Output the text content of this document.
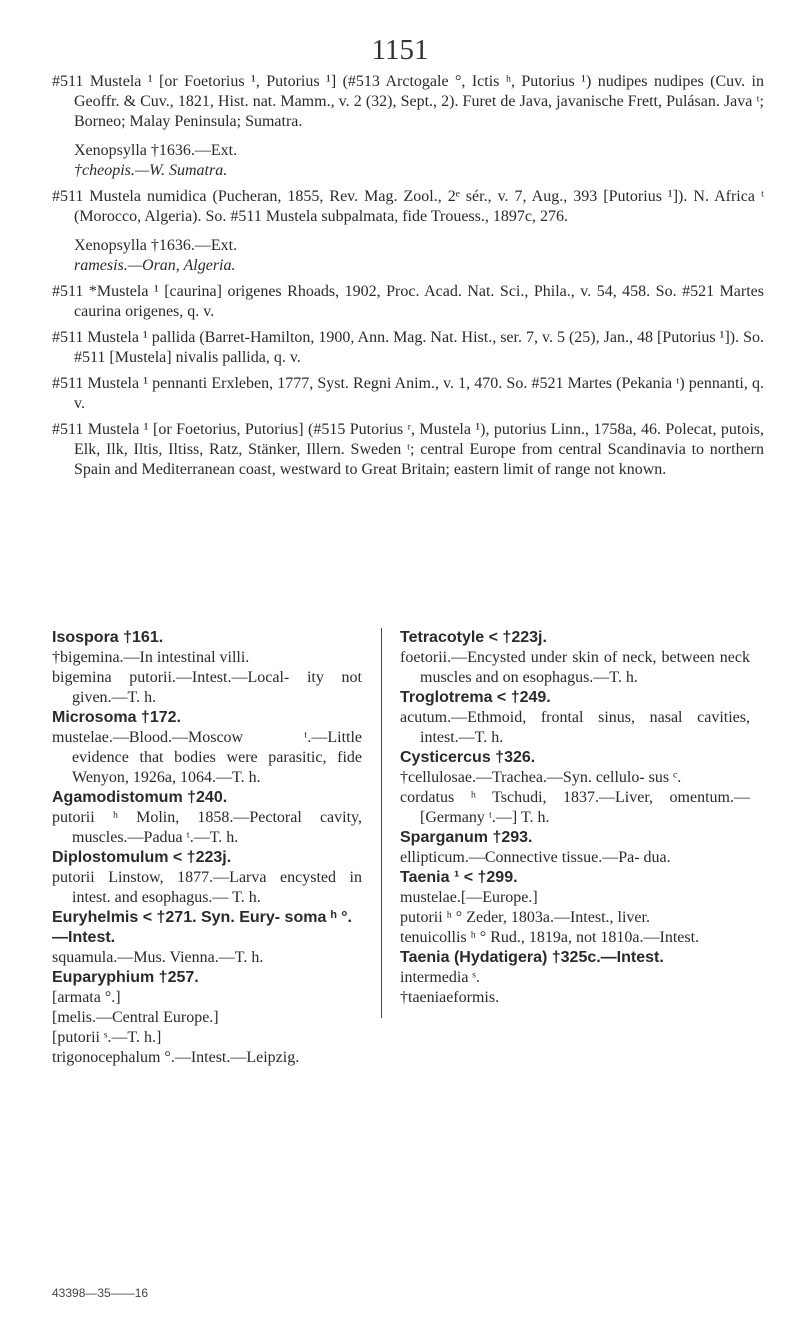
1151

#511 Mustela ¹ [or Foetorius ¹, Putorius ¹] (#513 Arctogale °, Ictis ʰ, Putorius ¹) nudipes nudipes (Cuv. in Geoffr. & Cuv., 1821, Hist. nat. Mamm., v. 2 (32), Sept., 2). Furet de Java, javanische Frett, Pulásan. Java ᵗ; Borneo; Malay Peninsula; Sumatra.

Xenopsylla †1636.—Ext.

†cheopis.—W. Sumatra.

#511 Mustela numidica (Pucheran, 1855, Rev. Mag. Zool., 2ᵉ sér., v. 7, Aug., 393 [Putorius ¹]). N. Africa ᵗ (Morocco, Algeria). So. #511 Mustela subpalmata, fide Trouess., 1897c, 276.

Xenopsylla †1636.—Ext.

ramesis.—Oran, Algeria.

#511 *Mustela ¹ [caurina] origenes Rhoads, 1902, Proc. Acad. Nat. Sci., Phila., v. 54, 458. So. #521 Martes caurina origenes, q. v.

#511 Mustela ¹ pallida (Barret-Hamilton, 1900, Ann. Mag. Nat. Hist., ser. 7, v. 5 (25), Jan., 48 [Putorius ¹]). So. #511 [Mustela] nivalis pallida, q. v.

#511 Mustela ¹ pennanti Erxleben, 1777, Syst. Regni Anim., v. 1, 470. So. #521 Martes (Pekania ᵗ) pennanti, q. v.

#511 Mustela ¹ [or Foetorius, Putorius] (#515 Putorius ʳ, Mustela ¹), putorius Linn., 1758a, 46. Polecat, putois, Elk, Ilk, Iltis, Iltiss, Ratz, Stänker, Illern. Sweden ᵗ; central Europe from central Scandinavia to northern Spain and Mediterranean coast, westward to Great Britain; eastern limit of range not known.

Isospora †161.

†bigemina.—In intestinal villi.

bigemina putorii.—Intest.—Local- ity not given.—T. h.

Microsoma †172.

mustelae.—Blood.—Moscow ᵗ.—Little evidence that bodies were parasitic, fide Wenyon, 1926a, 1064.—T. h.

Agamodistomum †240.

putorii ʰ Molin, 1858.—Pectoral cavity, muscles.—Padua ᵗ.—T. h.

Diplostomulum < †223j.

putorii Linstow, 1877.—Larva encysted in intest. and esophagus.— T. h.

Euryhelmis < †271. Syn. Eury- soma ʰ °.—Intest.

squamula.—Mus. Vienna.—T. h.

Euparyphium †257.

[armata °.]

[melis.—Central Europe.]

[putorii ˢ.—T. h.]

trigonocephalum °.—Intest.—Leipzig.

Tetracotyle < †223j.

foetorii.—Encysted under skin of neck, between neck muscles and on esophagus.—T. h.

Troglotrema < †249.

acutum.—Ethmoid, frontal sinus, nasal cavities, intest.—T. h.

Cysticercus †326.

†cellulosae.—Trachea.—Syn. cellulo- sus ᶜ.

cordatus ʰ Tschudi, 1837.—Liver, omentum.—[Germany ᵗ.—] T. h.

Sparganum †293.

ellipticum.—Connective tissue.—Pa- dua.

Taenia ¹ < †299.

mustelae.[—Europe.]

putorii ʰ ° Zeder, 1803a.—Intest., liver.

tenuicollis ʰ ° Rud., 1819a, not 1810a.—Intest.

Taenia (Hydatigera) †325c.—Intest.

intermedia ˢ.

†taeniaeformis.

43398—35——16
